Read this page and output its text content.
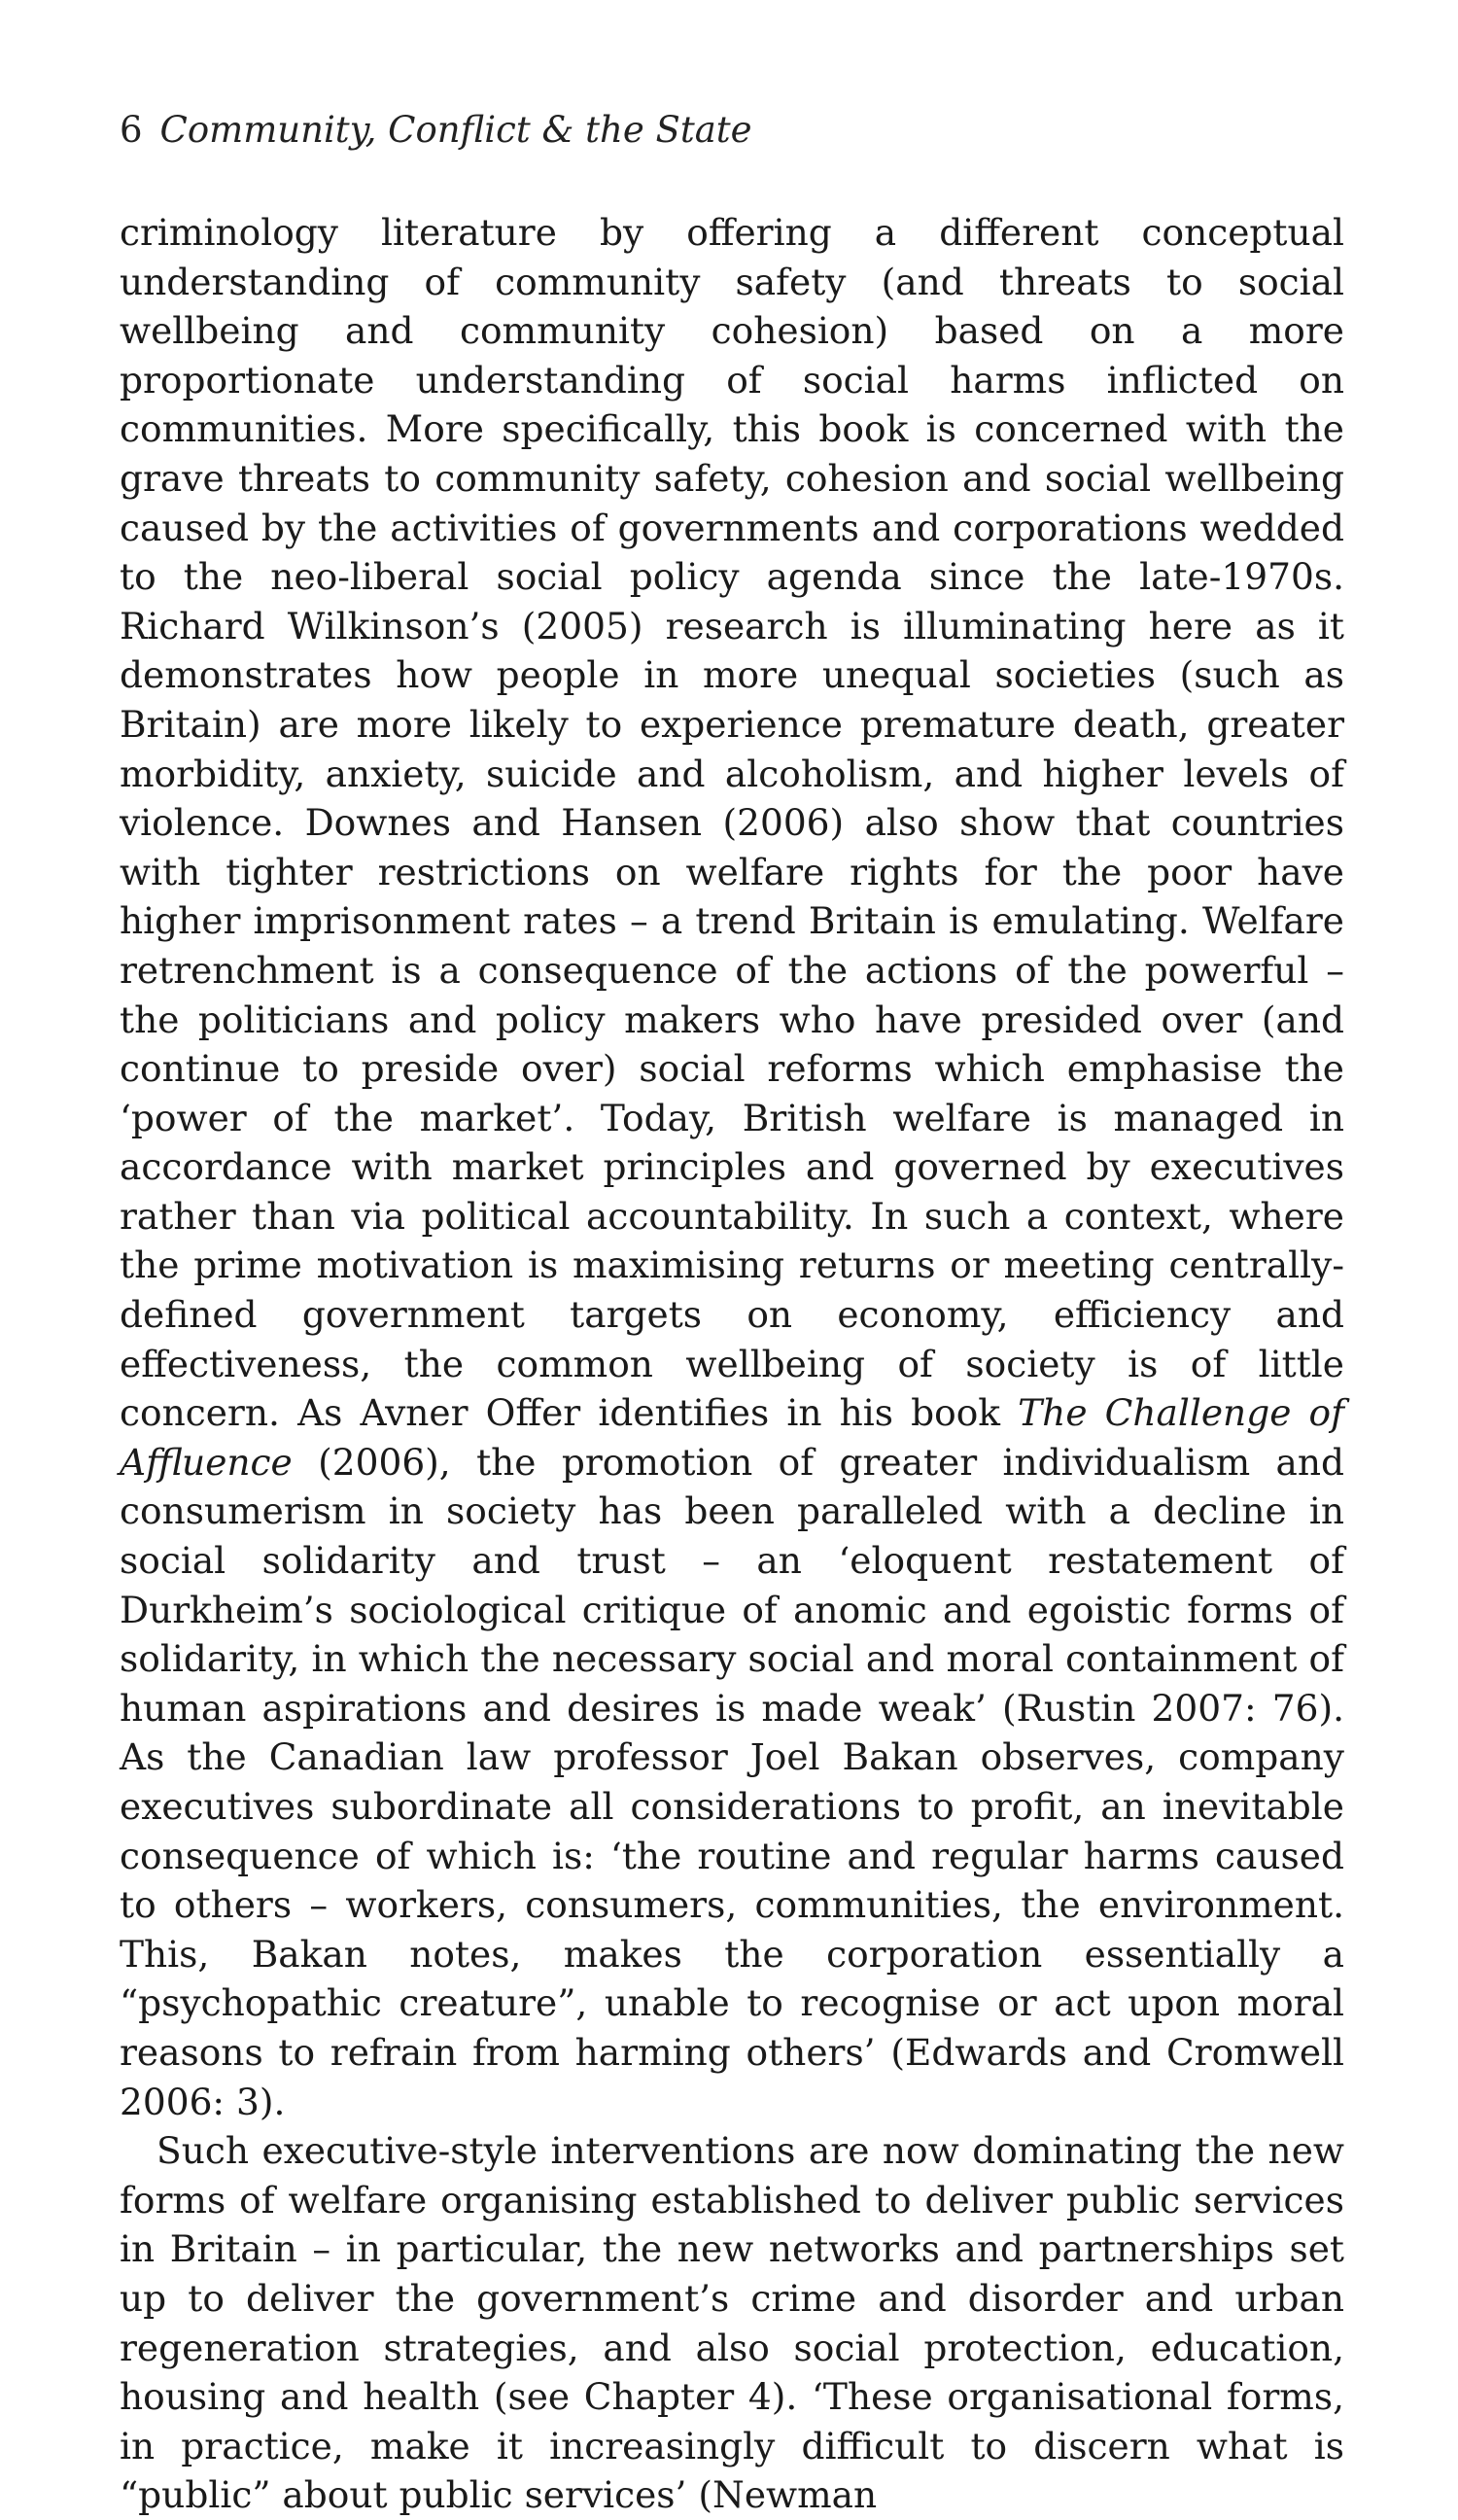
6 Community, Conflict & the State

criminology literature by offering a different conceptual understanding of community safety (and threats to social wellbeing and community cohesion) based on a more proportionate understanding of social harms inflicted on communities. More specifically, this book is concerned with the grave threats to community safety, cohesion and social wellbeing caused by the activities of governments and corporations wedded to the neo-liberal social policy agenda since the late-1970s. Richard Wilkinson’s (2005) research is illuminating here as it demonstrates how people in more unequal societies (such as Britain) are more likely to experience premature death, greater morbidity, anxiety, suicide and alcoholism, and higher levels of violence. Downes and Hansen (2006) also show that countries with tighter restrictions on welfare rights for the poor have higher imprisonment rates – a trend Britain is emulating. Welfare retrenchment is a consequence of the actions of the powerful – the politicians and policy makers who have presided over (and continue to preside over) social reforms which emphasise the ‘power of the market’. Today, British welfare is managed in accordance with market principles and governed by executives rather than via political accountability. In such a context, where the prime motivation is maximising returns or meeting centrally-defined government targets on economy, efficiency and effectiveness, the common wellbeing of society is of little concern. As Avner Offer identifies in his book The Challenge of Affluence (2006), the promotion of greater individualism and consumerism in society has been paralleled with a decline in social solidarity and trust – an ‘eloquent restatement of Durkheim’s sociological critique of anomic and egoistic forms of solidarity, in which the necessary social and moral containment of human aspirations and desires is made weak’ (Rustin 2007: 76). As the Canadian law professor Joel Bakan observes, company executives subordinate all considerations to profit, an inevitable consequence of which is: ‘the routine and regular harms caused to others – workers, consumers, communities, the environment. This, Bakan notes, makes the corporation essentially a “psychopathic creature”, unable to recognise or act upon moral reasons to refrain from harming others’ (Edwards and Cromwell 2006: 3).

Such executive-style interventions are now dominating the new forms of welfare organising established to deliver public services in Britain – in particular, the new networks and partnerships set up to deliver the government’s crime and disorder and urban regeneration strategies, and also social protection, education, housing and health (see Chapter 4). ‘These organisational forms, in practice, make it increasingly difficult to discern what is “public” about public services’ (Newman
